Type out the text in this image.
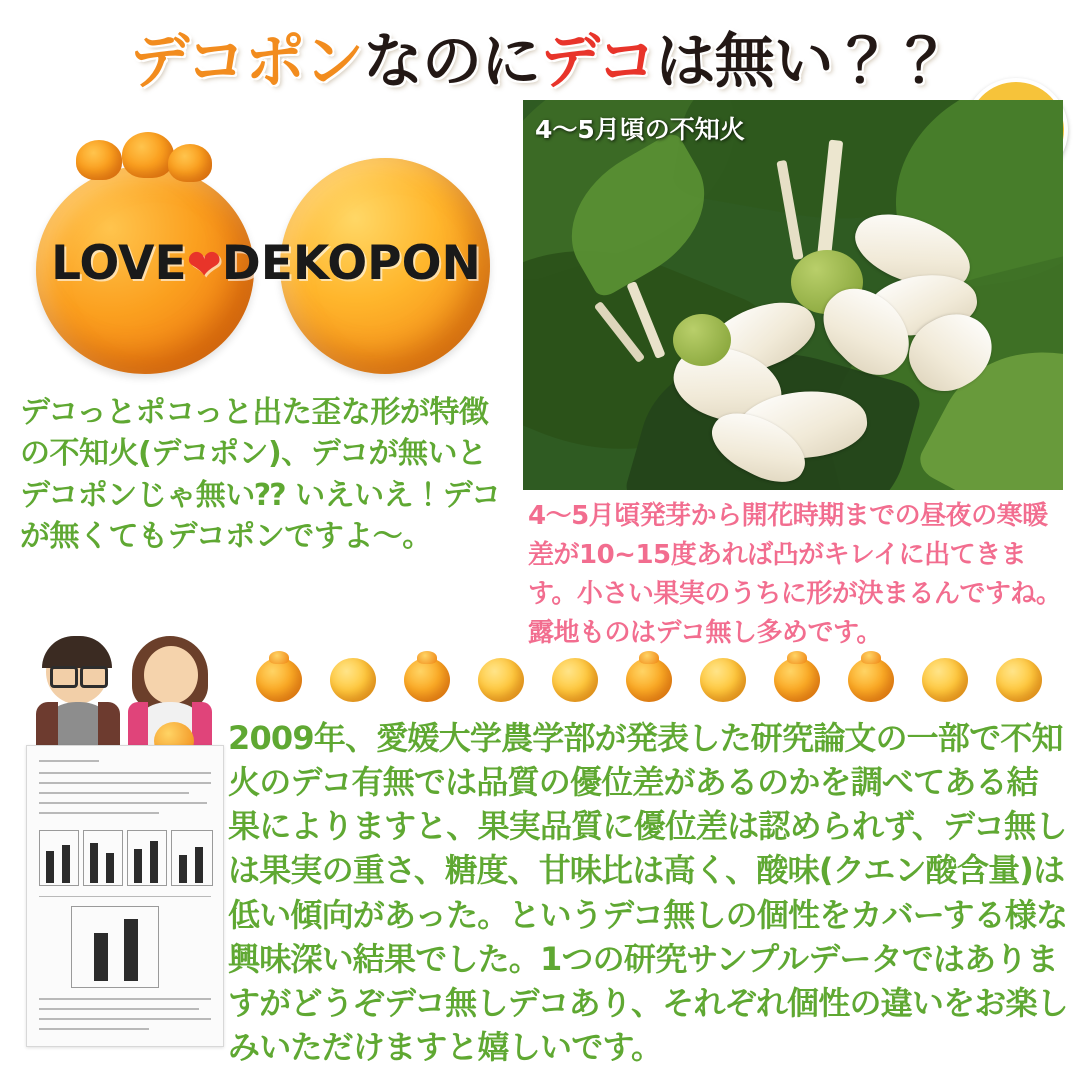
デコポンなのにデコは無い？？
LOVE❤DEKOPON
デコっとポコっと出た歪な形が特徴の不知火(デコポン)、デコが無いとデコポンじゃ無い⁇ いえいえ！デコが無くてもデコポンですよ〜。
4〜5月頃の不知火
4〜5月頃発芽から開花時期までの昼夜の寒暖差が10~15度あれば凸がキレイに出てきます。小さい果実のうちに形が決まるんですね。露地ものはデコ無し多めです。
2009年、愛媛大学農学部が発表した研究論文の一部で不知火のデコ有無では品質の優位差があるのかを調べてある結果によりますと、果実品質に優位差は認められず、デコ無しは果実の重さ、糖度、甘味比は高く、酸味(クエン酸含量)は低い傾向があった。というデコ無しの個性をカバーする様な興味深い結果でした。1つの研究サンプルデータではありますがどうぞデコ無しデコあり、それぞれ個性の違いをお楽しみいただけますと嬉しいです。
